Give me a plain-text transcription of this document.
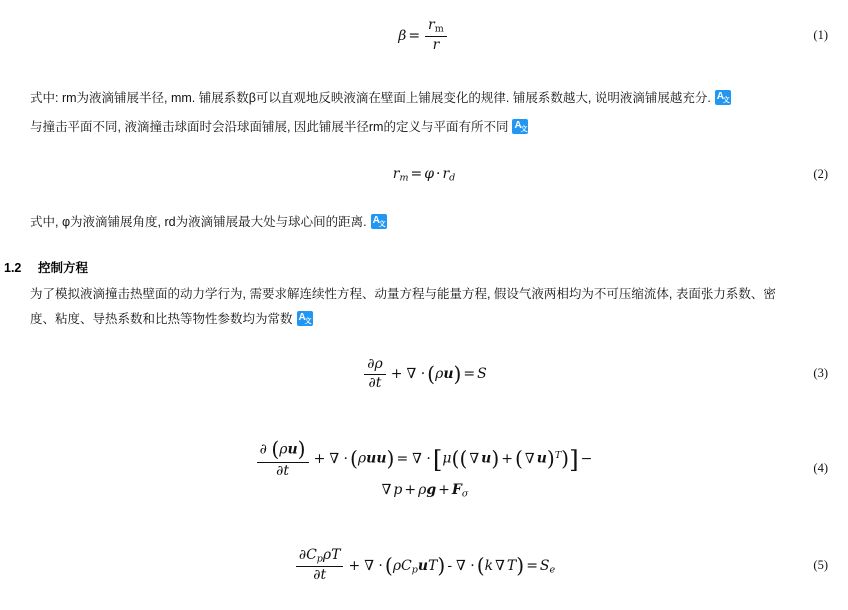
$\beta = \frac{rm}{r}$	(1)
式中: rm为液滴铺展半径, mm. 铺展系数β可以直观地反映液滴在壁面上铺展变化的规律. 铺展系数越大, 说明液滴铺展越充分. A
文
与撞击平面不同, 液滴撞击球面时会沿球面铺展, 因此铺展半径rm的定义与平面有所不同 A
文
$r_m = \varphi \cdot r_d$	(2)
式中, φ为液滴铺展角度, rd为液滴铺展最大处与球心间的距离. A
文
1.2 控制方程
为了模拟液滴撞击热壁面的动力学行为, 需要求解连续性方程、动量方程与能量方程, 假设气液两相均为不可压缩流体, 表面张力系数、密
度、粘度、导热系数和比热等物性参数均为常数 A
文
$\frac{\partial\rho}{\partial t}$ + ∇ ·(ρu) = S	(3)
$\frac{\partial (\rho u)}{\partial t}$ + ∇ ·(ρuu) = ∇ ·[μ(( ∇ u) +( ∇ u)$^T$)] −
∇ $p + \rho g + F_\sigma$
(4)
$\frac{\partial C_p\rho T}{\partial t}$ + ∇ $\cdot(\rho C_puT)$ - ∇ ·(k ∇ $T) = S_e$	(5)
